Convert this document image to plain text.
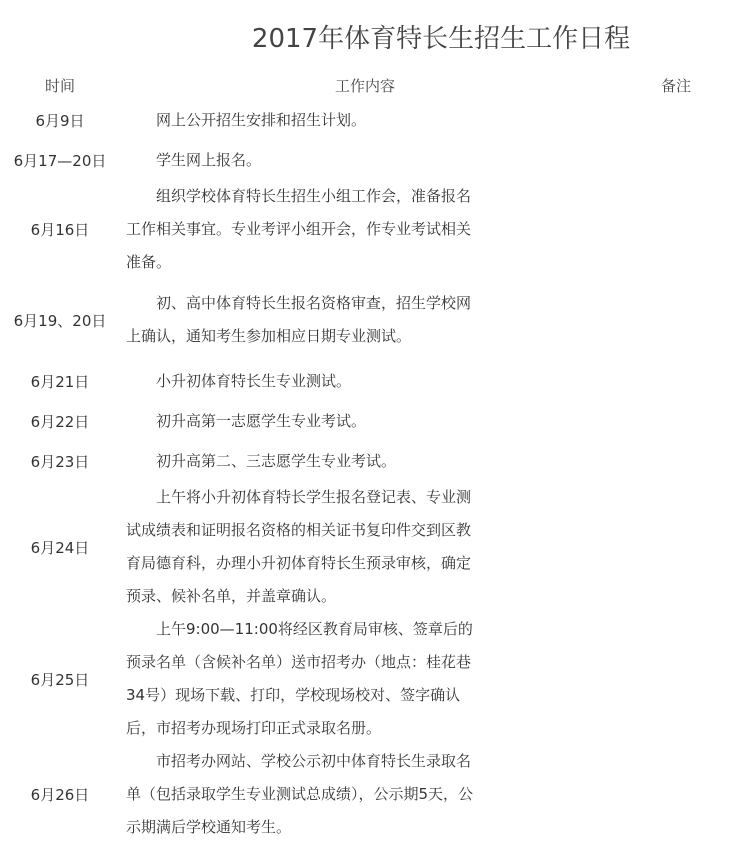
2017年体育特长生招生工作日程
时间	工作内容	备注
6月9日	网上公开招生安排和招生计划。	

6月17—20日	学生网上报名。	

6月16日	组织学校体育特长生招生小组工作会，准备报名工作相关事宜。专业考评小组开会，作专业考试相关准备。	

6月19、20日	初、高中体育特长生报名资格审查，招生学校网上确认，通知考生参加相应日期专业测试。	

6月21日	小升初体育特长生专业测试。	

6月22日	初升高第一志愿学生专业考试。	

6月23日	初升高第二、三志愿学生专业考试。	

6月24日	上午将小升初体育特长学生报名登记表、专业测试成绩表和证明报名资格的相关证书复印件交到区教育局德育科，办理小升初体育特长生预录审核，确定预录、候补名单，并盖章确认。	

6月25日	上午9:00—11:00将经区教育局审核、签章后的预录名单（含候补名单）送市招考办（地点：桂花巷34号）现场下载、打印，学校现场校对、签字确认后，市招考办现场打印正式录取名册。	

6月26日	市招考办网站、学校公示初中体育特长生录取名单（包括录取学生专业测试总成绩），公示期5天，公示期满后学校通知考生。	
